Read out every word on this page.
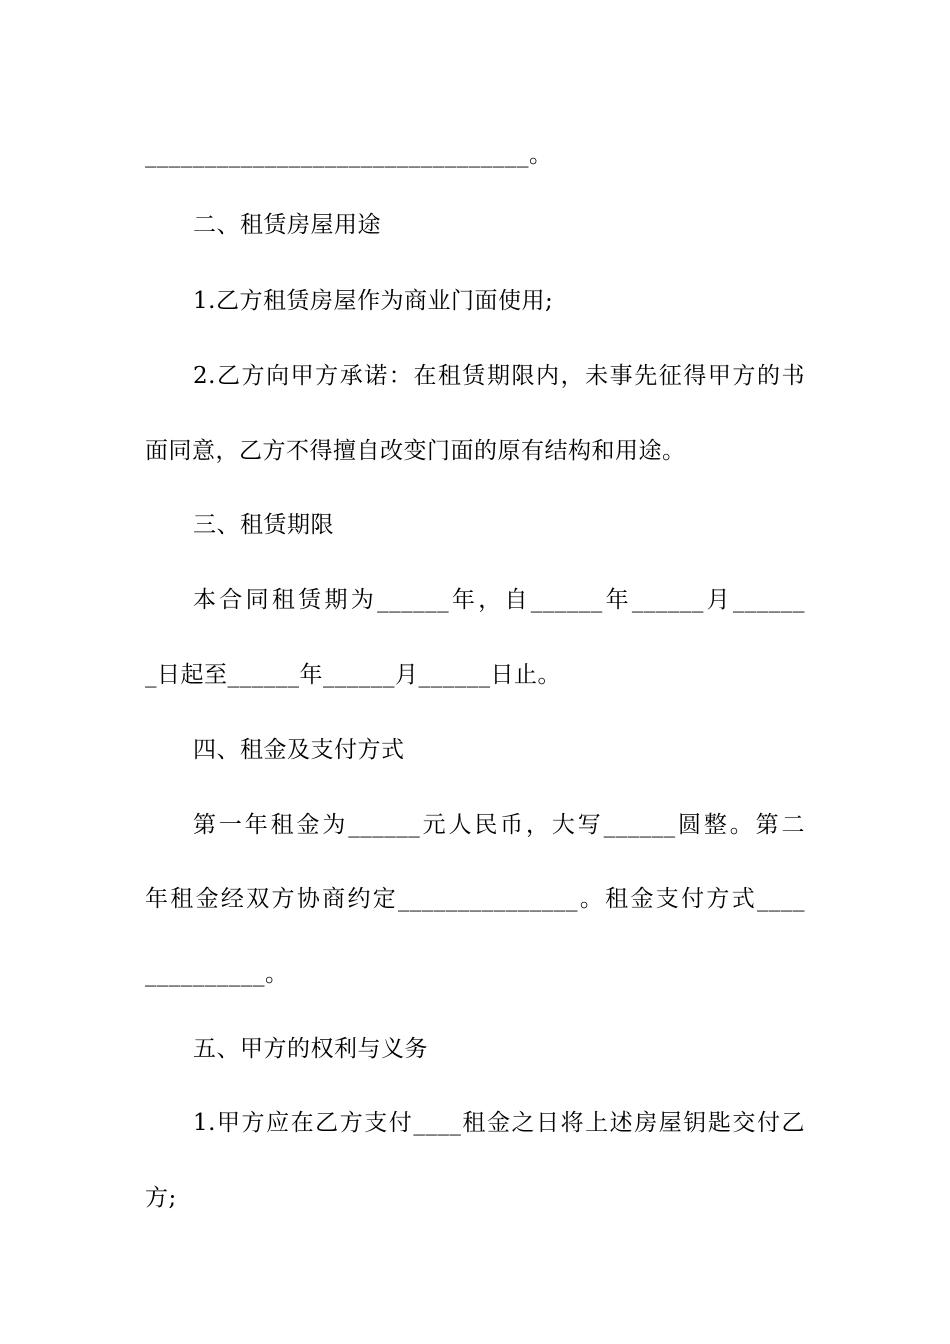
________________________________。
二、租赁房屋用途
1.乙方租赁房屋作为商业门面使用;
2.乙方向甲方承诺：在租赁期限内，未事先征得甲方的书
面同意，乙方不得擅自改变门面的原有结构和用途。
三、租赁期限
本合同租赁期为______年，自______年______月______
_日起至______年______月______日止。
四、租金及支付方式
第一年租金为______元人民币，大写______圆整。第二
年租金经双方协商约定_______________。租金支付方式____
__________。
五、甲方的权利与义务
1.甲方应在乙方支付____租金之日将上述房屋钥匙交付乙
方;
